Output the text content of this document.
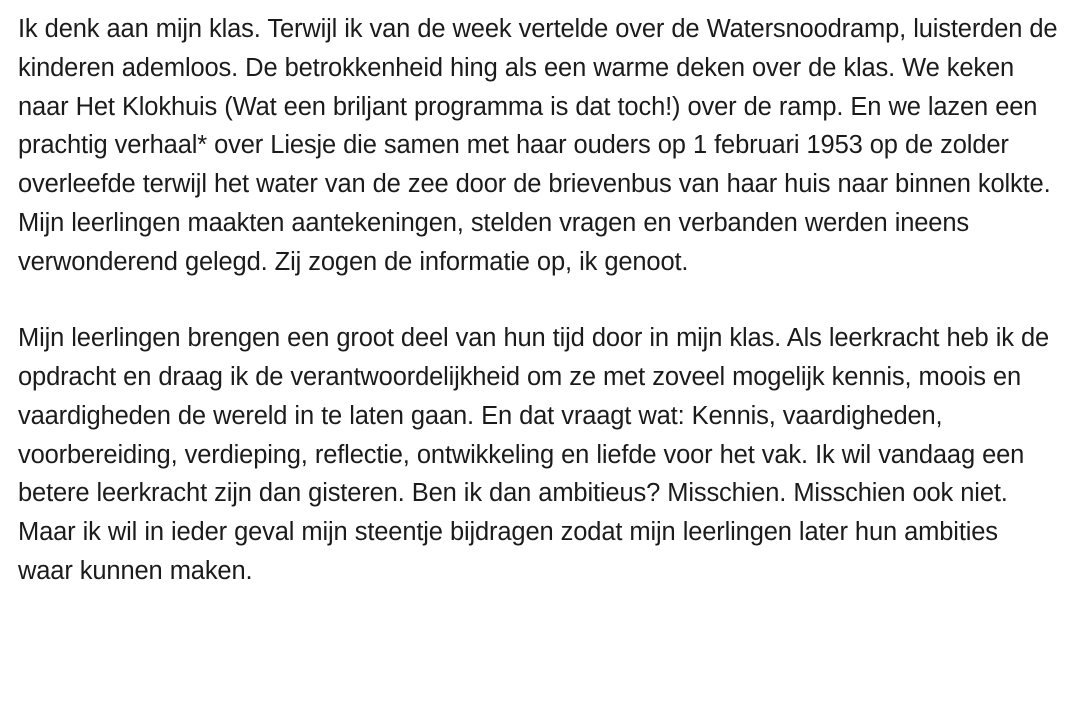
Ik denk aan mijn klas. Terwijl ik van de week vertelde over de Watersnoodramp, luisterden de kinderen ademloos. De betrokkenheid hing als een warme deken over de klas. We keken naar Het Klokhuis (Wat een briljant programma is dat toch!) over de ramp. En we lazen een prachtig verhaal* over Liesje die samen met haar ouders op 1 februari 1953 op de zolder overleefde terwijl het water van de zee door de brievenbus van haar huis naar binnen kolkte. Mijn leerlingen maakten aantekeningen, stelden vragen en verbanden werden ineens verwonderend gelegd. Zij zogen de informatie op, ik genoot.

Mijn leerlingen brengen een groot deel van hun tijd door in mijn klas. Als leerkracht heb ik de opdracht en draag ik de verantwoordelijkheid om ze met zoveel mogelijk kennis, moois en vaardigheden de wereld in te laten gaan. En dat vraagt wat: Kennis, vaardigheden, voorbereiding, verdieping, reflectie, ontwikkeling en liefde voor het vak. Ik wil vandaag een betere leerkracht zijn dan gisteren. Ben ik dan ambitieus? Misschien. Misschien ook niet. Maar ik wil in ieder geval mijn steentje bijdragen zodat mijn leerlingen later hun ambities waar kunnen maken.
